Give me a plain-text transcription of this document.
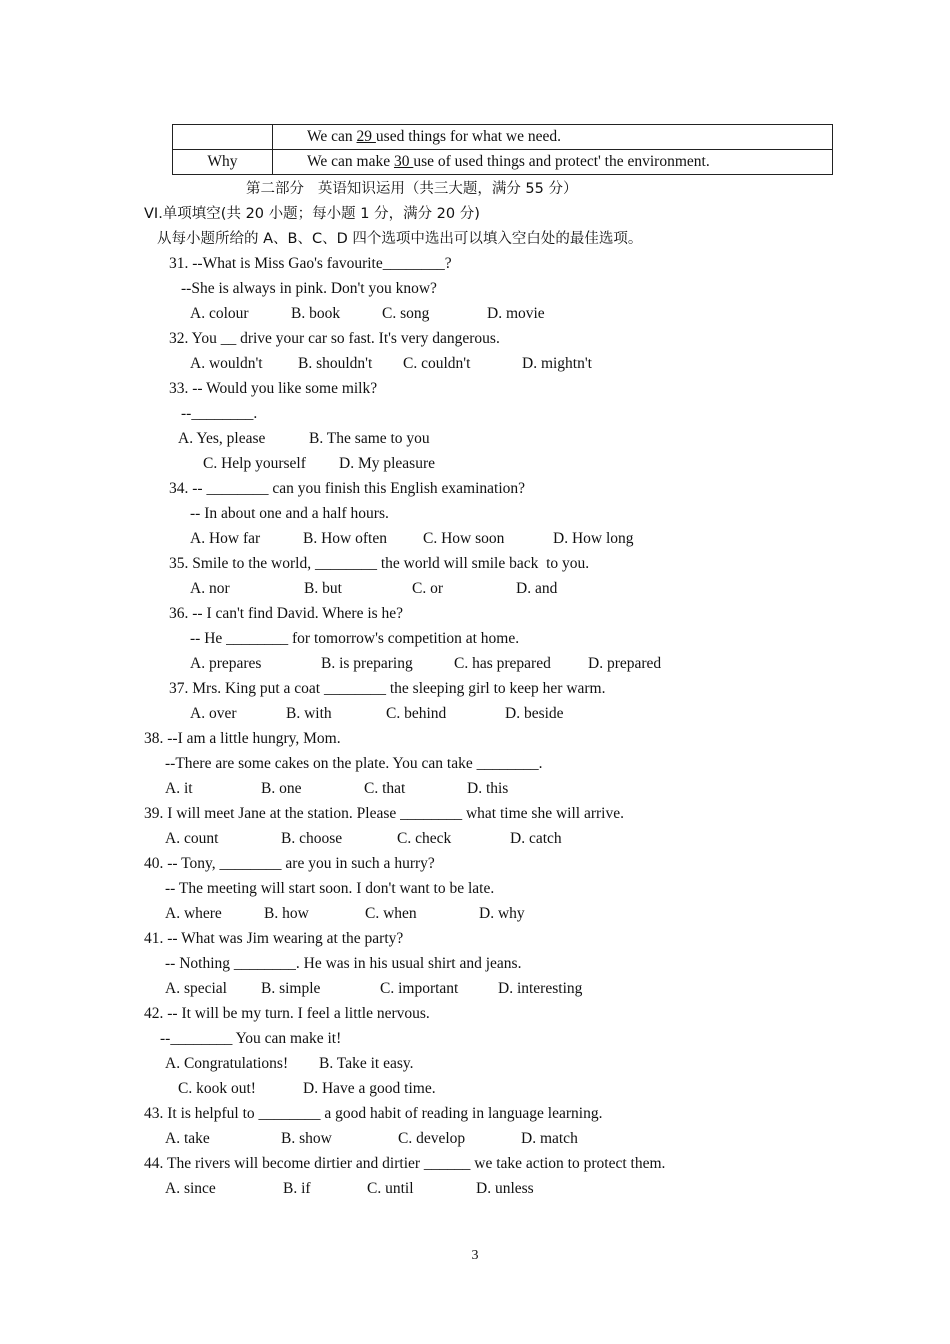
	We can 29 used things for what we need.
Why	We can make 30 use of used things and protect' the environment.
第二部分   英语知识运用（共三大题，满分 55 分）
VI.单项填空(共 20 小题；每小题 1 分，满分 20 分)
从每小题所给的 A、B、C、D 四个选项中选出可以填入空白处的最佳选项。
31. --What is Miss Gao's favourite________?
--She is always in pink. Don't you know?
A. colour	B. book	C. song	D. movie
32. You __ drive your car so fast. It's very dangerous.
A. wouldn't B. shouldn't C. couldn't	D. mightn't
33. -- Would you like some milk?
--________.
A. Yes, please	B. The same to you
C. Help yourself D. My pleasure
34. -- ________ can you finish this English examination?
-- In about one and a half hours.
A. How far	B. How often C. How soon	D. How long
35. Smile to the world, ________ the world will smile back  to you.
A. nor	B. but	C. or	D. and
36. -- I can't find David. Where is he?
-- He ________ for tomorrow's competition at home.
A. prepares	B. is preparing	C. has prepared D. prepared
37. Mrs. King put a coat ________ the sleeping girl to keep her warm.
A. over	B. with	C. behind	D. beside
38. --I am a little hungry, Mom.
--There are some cakes on the plate. You can take ________.
A. it	B. one	C. that	D. this
39. I will meet Jane at the station. Please ________ what time she will arrive.
A. count	B. choose	C. check	D. catch
40. -- Tony, ________ are you in such a hurry?
-- The meeting will start soon. I don't want to be late.
A. where	B. how	C. when	D. why
41. -- What was Jim wearing at the party?
-- Nothing ________. He was in his usual shirt and jeans.
A. special B. simple	C. important	D. interesting
42. -- It will be my turn. I feel a little nervous.
--________ You can make it!
A. Congratulations! B. Take it easy.
C. kook out!	D. Have a good time.
43. It is helpful to ________ a good habit of reading in language learning.
A. take	B. show	C. develop	D. match
44. The rivers will become dirtier and dirtier ______ we take action to protect them.
A. since	B. if	C. until	D. unless
3
